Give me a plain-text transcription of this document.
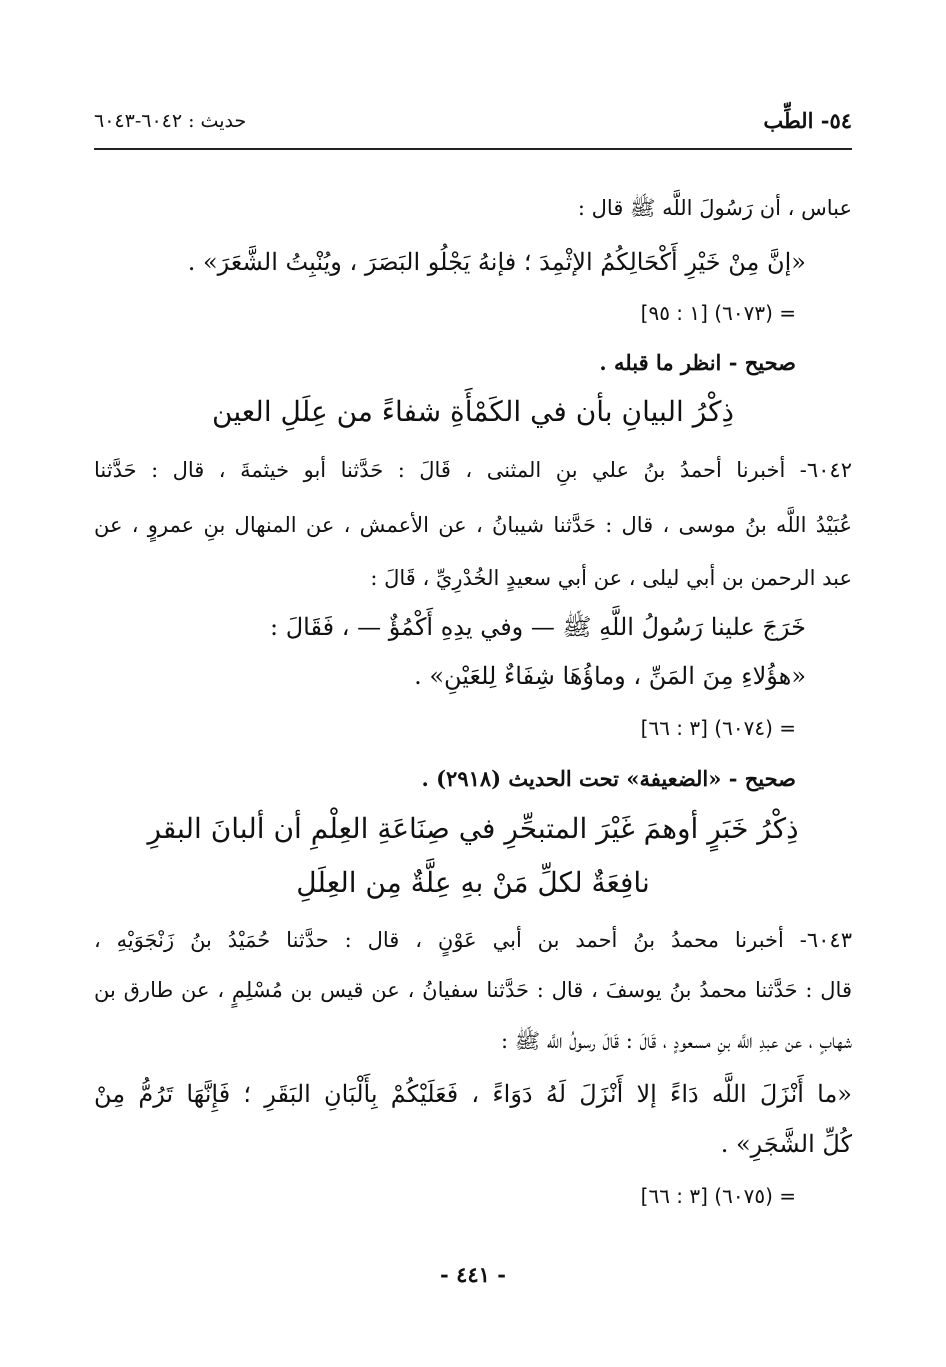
٥٤- الطِّب
حديث : ٦٠٤٢-٦٠٤٣
عباس ، أن رَسُولَ اللَّه ﷺ قال :
«إنَّ مِنْ خَيْرِ أَكْحَالِكُمُ الإثْمِدَ ؛ فإنهُ يَجْلُو البَصَرَ ، ويُنْبِتُ الشَّعَرَ» .
= (٦٠٧٣) [١ : ٩٥]
صحيح - انظر ما قبله .
ذِكْرُ البيانِ بأن في الكَمْأَةِ شفاءً من عِلَلِ العين
٦٠٤٢- أخبرنا أحمدُ بنُ علي بنِ المثنى ، قَالَ : حَدَّثنا أبو خيثمةَ ، قال : حَدَّثنا
عُبَيْدُ اللَّه بنُ موسى ، قال : حَدَّثنا شيبانُ ، عن الأعمش ، عن المنهال بنِ عمروٍ ، عن
عبد الرحمن بن أبي ليلى ، عن أبي سعيدٍ الخُدْرِيِّ ، قَالَ :
خَرَجَ علينا رَسُولُ اللَّهِ ﷺ — وفي يدِهِ أَكْمُؤٌ — ، فَقَالَ :
«هؤُلاءِ مِنَ المَنِّ ، وماؤُهَا شِفَاءٌ لِلعَيْنِ» .
= (٦٠٧٤) [٣ : ٦٦]
صحيح - «الضعيفة» تحت الحديث (٢٩١٨) .
ذِكْرُ خَبَرٍ أوهمَ غَيْرَ المتبحِّرِ في صِنَاعَةِ العِلْمِ أن ألبانَ البقرِ
نافِعَةٌ لكلِّ مَنْ بهِ عِلَّةٌ مِن العِلَلِ
٦٠٤٣- أخبرنا محمدُ بنُ أحمد بن أبي عَوْنٍ ، قال : حدَّثنا حُمَيْدُ بنُ زَنْجَوَيْهِ ،
قال : حَدَّثنا محمدُ بنُ يوسفَ ، قال : حَدَّثنا سفيانُ ، عن قيس بن مُسْلِمٍ ، عن طارق بن
شهابٍ ، عن عبدِ اللَّه بنِ مسعودٍ ، قَالَ : قَالَ رسولُ اللَّه ﷺ :
«ما أَنْزَلَ اللَّه دَاءً إلا أَنْزَلَ لَهُ دَوَاءً ، فَعَلَيْكُمْ بِأَلْبَانِ البَقَرِ ؛ فَإِنَّهَا تَرُمُّ مِنْ
كُلِّ الشَّجَرِ» .
= (٦٠٧٥) [٣ : ٦٦]
- ٤٤١ -
